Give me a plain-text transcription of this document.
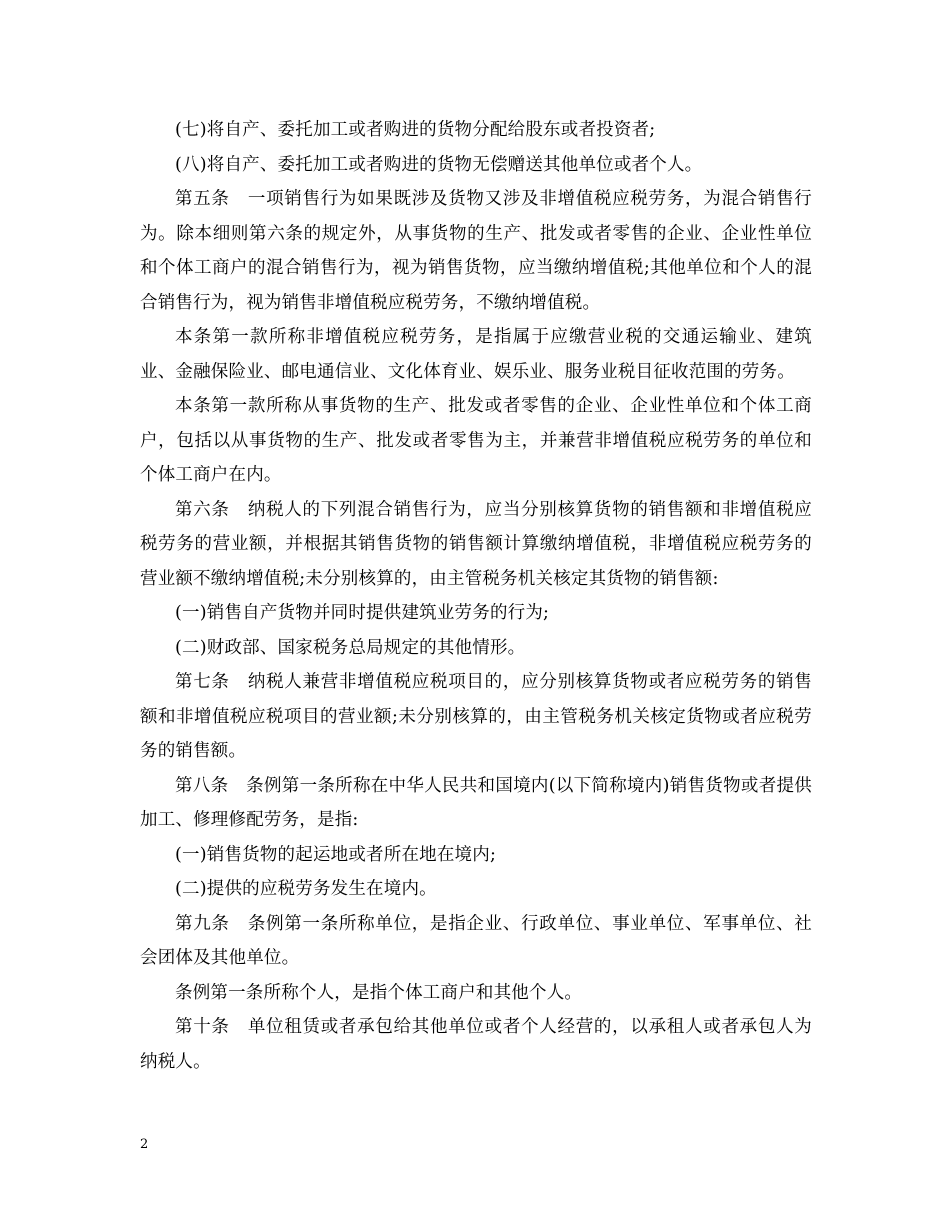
(七)将自产、委托加工或者购进的货物分配给股东或者投资者;

(八)将自产、委托加工或者购进的货物无偿赠送其他单位或者个人。

第五条　一项销售行为如果既涉及货物又涉及非增值税应税劳务，为混合销售行为。除本细则第六条的规定外，从事货物的生产、批发或者零售的企业、企业性单位和个体工商户的混合销售行为，视为销售货物，应当缴纳增值税;其他单位和个人的混合销售行为，视为销售非增值税应税劳务，不缴纳增值税。

本条第一款所称非增值税应税劳务，是指属于应缴营业税的交通运输业、建筑业、金融保险业、邮电通信业、文化体育业、娱乐业、服务业税目征收范围的劳务。

本条第一款所称从事货物的生产、批发或者零售的企业、企业性单位和个体工商户，包括以从事货物的生产、批发或者零售为主，并兼营非增值税应税劳务的单位和个体工商户在内。

第六条　纳税人的下列混合销售行为，应当分别核算货物的销售额和非增值税应税劳务的营业额，并根据其销售货物的销售额计算缴纳增值税，非增值税应税劳务的营业额不缴纳增值税;未分别核算的，由主管税务机关核定其货物的销售额:

(一)销售自产货物并同时提供建筑业劳务的行为;

(二)财政部、国家税务总局规定的其他情形。

第七条　纳税人兼营非增值税应税项目的，应分别核算货物或者应税劳务的销售额和非增值税应税项目的营业额;未分别核算的，由主管税务机关核定货物或者应税劳务的销售额。

第八条　条例第一条所称在中华人民共和国境内(以下简称境内)销售货物或者提供加工、修理修配劳务，是指:

(一)销售货物的起运地或者所在地在境内;

(二)提供的应税劳务发生在境内。

第九条　条例第一条所称单位，是指企业、行政单位、事业单位、军事单位、社会团体及其他单位。

条例第一条所称个人，是指个体工商户和其他个人。

第十条　单位租赁或者承包给其他单位或者个人经营的，以承租人或者承包人为纳税人。

2
